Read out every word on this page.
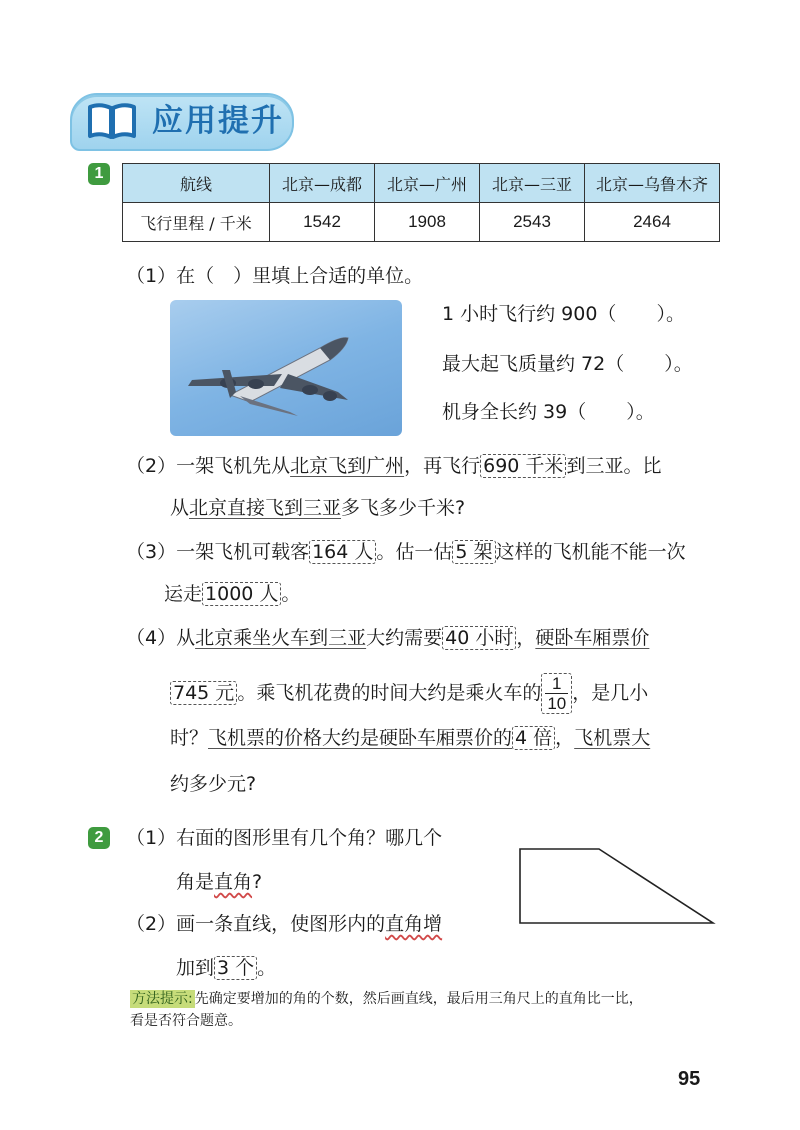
应用提升
1
航线	北京—成都	北京—广州	北京—三亚	北京—乌鲁木齐
飞行里程 / 千米	1542	1908	2543	2464
（1）在（　）里填上合适的单位。
1 小时飞行约 900（ ）。
最大起飞质量约 72（ ）。
机身全长约 39（ ）。
（2）一架飞机先从北京飞到广州，再飞行 690 千米 到三亚。比
从北京直接飞到三亚多飞多少千米?
（3）一架飞机可载客 164 人 。估一估 5 架 这样的飞机能不能一次
运走 1000 人 。
（4）从北京乘坐火车到三亚大约需要 40 小时 ，硬卧车厢票价
745 元 。乘飞机花费的时间大约是乘火车的 $\frac{1}{10}$ ，是几小
时？飞机票的价格大约是硬卧车厢票价的 4 倍 ，飞机票大
约多少元?
2	（1）右面的图形里有几个角？哪几个
角是直角?
（2）画一条直线，使图形内的直角增
加到 3 个 。
方法提示: 先确定要增加的角的个数，然后画直线，最后用三角尺上的直角比一比，
看是否符合题意。
95
